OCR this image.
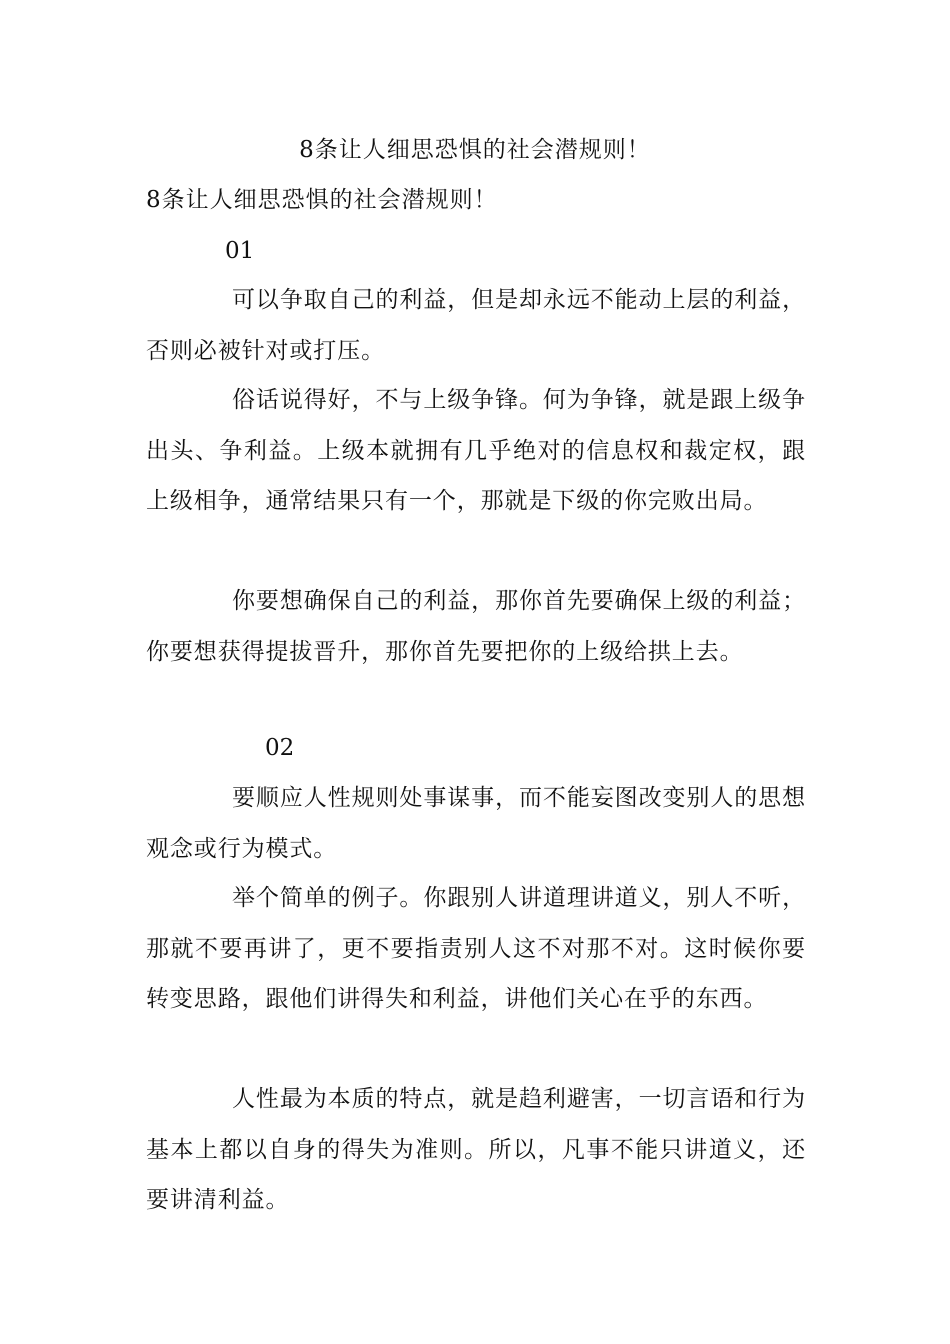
8条让人细思恐惧的社会潜规则！
8条让人细思恐惧的社会潜规则！
01
可以争取自己的利益，但是却永远不能动上层的利益，否则必被针对或打压。
俗话说得好，不与上级争锋。何为争锋，就是跟上级争出头、争利益。上级本就拥有几乎绝对的信息权和裁定权，跟上级相争，通常结果只有一个，那就是下级的你完败出局。
你要想确保自己的利益，那你首先要确保上级的利益；你要想获得提拔晋升，那你首先要把你的上级给拱上去。
02
要顺应人性规则处事谋事，而不能妄图改变别人的思想观念或行为模式。
举个简单的例子。你跟别人讲道理讲道义，别人不听，那就不要再讲了，更不要指责别人这不对那不对。这时候你要转变思路，跟他们讲得失和利益，讲他们关心在乎的东西。
人性最为本质的特点，就是趋利避害，一切言语和行为基本上都以自身的得失为准则。所以，凡事不能只讲道义，还要讲清利益。
